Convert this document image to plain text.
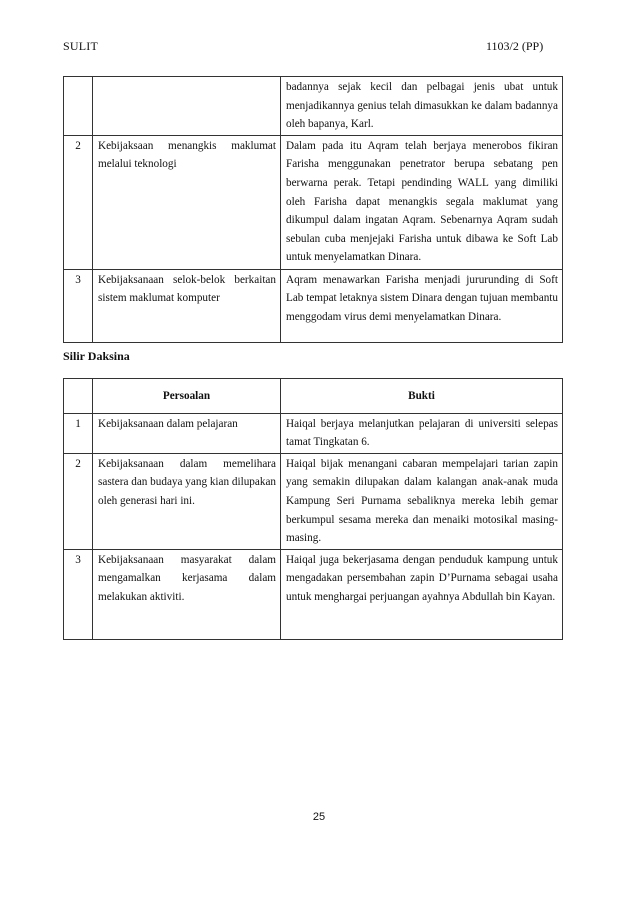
SULIT	1103/2 (PP)
		badannya sejak kecil dan pelbagai jenis ubat untuk menjadikannya genius telah dimasukkan ke dalam badannya oleh bapanya, Karl.
2	Kebijaksaan menangkis maklumat melalui teknologi	Dalam pada itu Aqram telah berjaya menerobos fikiran Farisha menggunakan penetrator berupa sebatang pen berwarna perak. Tetapi pendinding WALL yang dimiliki oleh Farisha dapat menangkis segala maklumat yang dikumpul dalam ingatan Aqram. Sebenarnya Aqram sudah sebulan cuba menjejaki Farisha untuk dibawa ke Soft Lab untuk menyelamatkan Dinara.
3	Kebijaksanaan selok-belok berkaitan sistem maklumat komputer	Aqram menawarkan Farisha menjadi jururunding di Soft Lab tempat letaknya sistem Dinara dengan tujuan membantu menggodam virus demi menyelamatkan Dinara.
Silir Daksina
	Persoalan	Bukti
1	Kebijaksanaan dalam pelajaran	Haiqal berjaya melanjutkan pelajaran di universiti selepas tamat Tingkatan 6.
2	Kebijaksanaan dalam memelihara sastera dan budaya yang kian dilupakan oleh generasi hari ini.	Haiqal bijak menangani cabaran mempelajari tarian zapin yang semakin dilupakan dalam kalangan anak-anak muda Kampung Seri Purnama sebaliknya mereka lebih gemar berkumpul sesama mereka dan menaiki motosikal masing-masing.
3	Kebijaksanaan masyarakat dalam mengamalkan kerjasama dalam melakukan aktiviti.	Haiqal juga bekerjasama dengan penduduk kampung untuk mengadakan persembahan zapin D’Purnama sebagai usaha untuk menghargai perjuangan ayahnya Abdullah bin Kayan.
25
